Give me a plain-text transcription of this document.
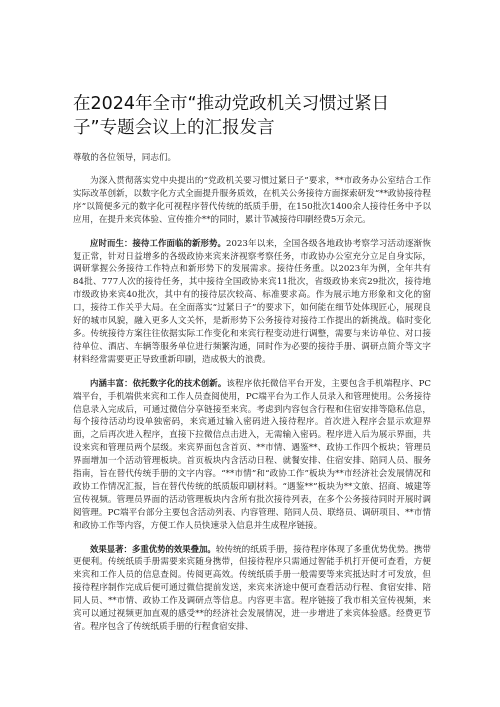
在2024年全市“推动党政机关习惯过紧日子”专题会议上的汇报发言
尊敬的各位领导，同志们。

为深入贯彻落实党中央提出的“党政机关要习惯过紧日子”要求，**市政务办公室结合工作实际改革创新，以数字化方式全面提升服务质效，在机关公务接待方面探索研发“**政协接待程序”以简便多元的数字化可视程序替代传统的纸质手册，在150批次1400余人接待任务中予以应用，在提升来宾体验、宣传推介**的同时，累计节减接待印刷经费5万余元。

应时而生：接待工作面临的新形势。2023年以来，全国各级各地政协考察学习活动逐渐恢复正常，针对日益增多的各级政协来宾来济视察考察任务，市政协办公室充分立足自身实际，调研掌握公务接待工作特点和新形势下的发展需求。接待任务重。以2023年为例，全年共有84批、777人次的接待任务，其中接待全国政协来宾11批次，省级政协来宾29批次，接待地市级政协来宾40批次，其中有的接待层次较高、标准要求高。作为展示地方形象和文化的窗口，接待工作关乎大局。在全面落实“过紧日子”的要求下，如何能在细节处体现匠心，展现良好的城市风貌，融入更多人文关怀，是新形势下公务接待对接待工作提出的新挑战。临时变化多。传统接待方案往往依据实际工作变化和来宾行程变动进行调整，需要与来访单位、对口接待单位、酒店、车辆等服务单位进行频繁沟通，同时作为必要的接待手册、调研点简介等文字材料经常需要更正导致重新印刷，造成极大的浪费。

内涵丰富：依托数字化的技术创新。该程序依托微信平台开发，主要包含手机端程序、PC端平台，手机端供来宾和工作人员查阅使用，PC端平台为工作人员录入和管理使用。公务接待信息录入完成后，可通过微信分享链接至来宾。考虑到内容包含行程和住宿安排等隐私信息，每个接待活动均设单独密码，来宾通过输入密码进入接待程序。首次进入程序会显示欢迎界面，之后再次进入程序，直接下拉微信点击进入，无需输入密码。程序进入后为展示界面，共设来宾和管理员两个层级。来宾界面包含首页、**市情、遇鉴**、政协工作四个板块；管理员界面增加一个活动管理板块。首页板块内含活动日程、就餐安排、住宿安排、陪同人员、服务指南，旨在替代传统手册的文字内容。“**市情”和“政协工作”板块为**市经济社会发展情况和政协工作情况汇报，旨在替代传统的纸质版印刷材料。“遇鉴**”板块为**文旅、招商、城建等宣传视频。管理员界面的活动管理板块内含所有批次接待列表，在多个公务接待同时开展时调阅管理。PC端平台部分主要包含活动列表、内容管理、陪同人员、联络员、调研项目、**市情和政协工作等内容，方便工作人员快速录入信息并生成程序链接。

效果显著：多重优势的效果叠加。较传统的纸质手册，接待程序体现了多重优势优势。携带更便利。传统纸质手册需要来宾随身携带，但接待程序只需通过智能手机打开便可查看，方便来宾和工作人员的信息查阅。传阅更高效。传统纸质手册一般需要等来宾抵达时才可发放，但接待程序制作完成后便可通过微信提前发送，来宾来济途中便可查看活动行程、食宿安排、陪同人员、**市情、政协工作及调研点等信息。内容更丰富。程序链接了我市相关宣传视频，来宾可以通过视频更加直观的感受**的经济社会发展情况，进一步增进了来宾体验感。经费更节省。程序包含了传统纸质手册的行程食宿安排、
